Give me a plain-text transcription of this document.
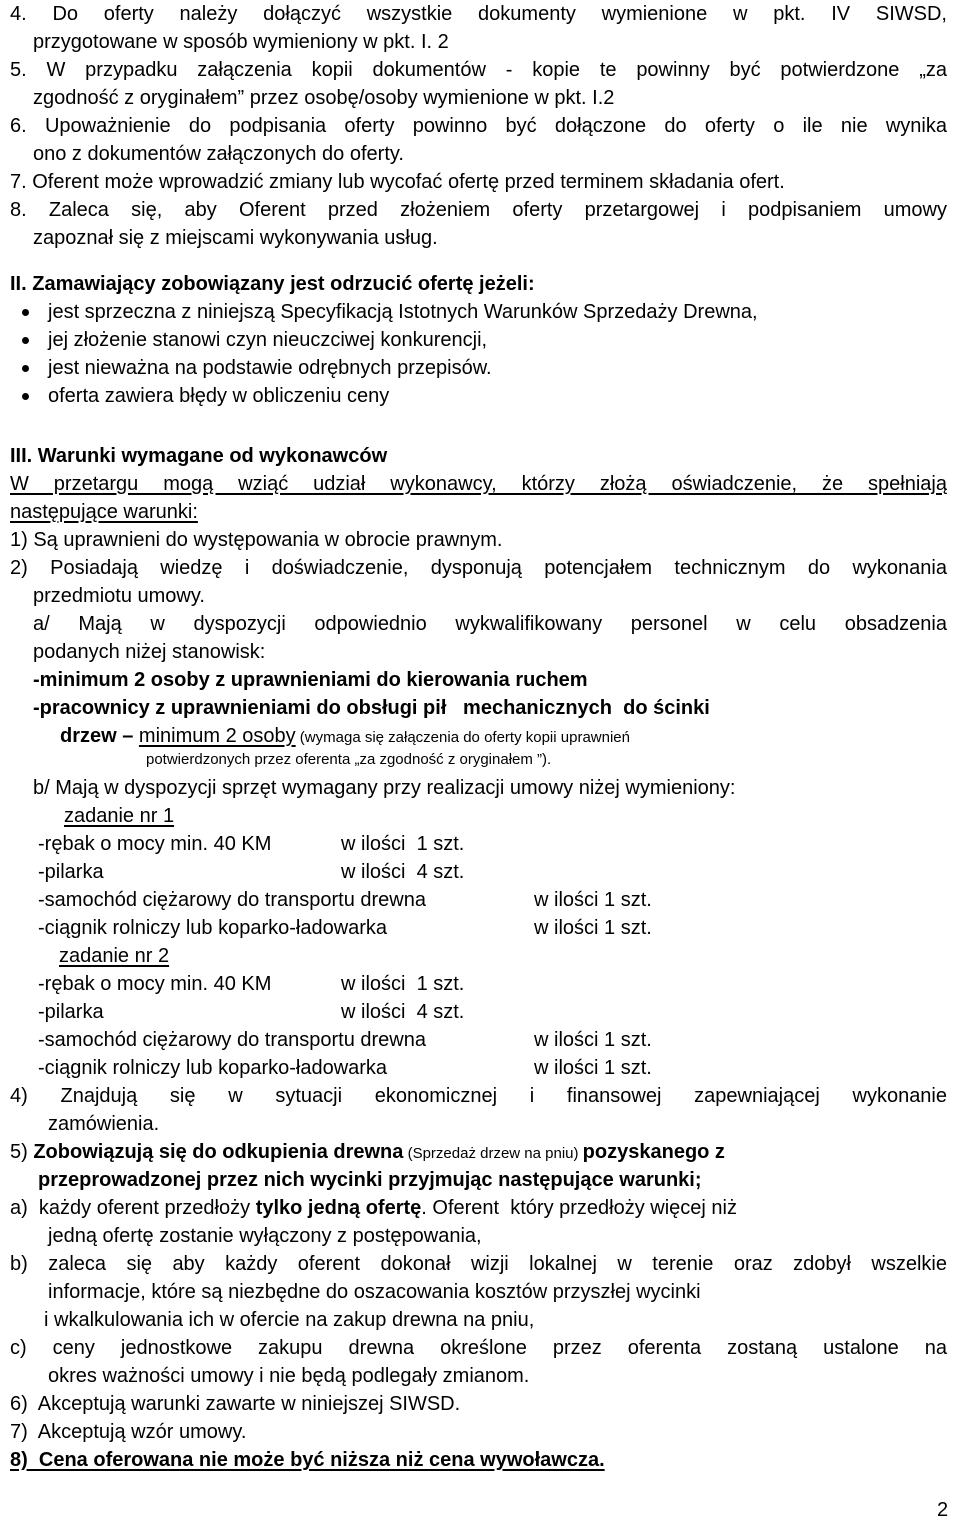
4. Do oferty należy dołączyć wszystkie dokumenty wymienione w pkt. IV SIWSD,
przygotowane w sposób wymieniony w pkt. I. 2
5. W przypadku załączenia kopii dokumentów - kopie te powinny być potwierdzone „za
zgodność z oryginałem” przez osobę/osoby wymienione w pkt. I.2
6. Upoważnienie do podpisania oferty powinno być dołączone do oferty o ile nie wynika
ono z dokumentów załączonych do oferty.
7. Oferent może wprowadzić zmiany lub wycofać ofertę przed terminem składania ofert.
8. Zaleca się, aby Oferent przed złożeniem oferty przetargowej i podpisaniem umowy
zapoznał się z miejscami wykonywania usług.
II. Zamawiający zobowiązany jest odrzucić ofertę jeżeli:
jest sprzeczna z niniejszą Specyfikacją Istotnych Warunków Sprzedaży Drewna,
jej złożenie stanowi czyn nieuczciwej konkurencji,
jest nieważna na podstawie odrębnych przepisów.
oferta zawiera błędy w obliczeniu ceny
III. Warunki wymagane od wykonawców
W przetargu mogą wziąć udział wykonawcy, którzy złożą oświadczenie, że spełniają
następujące warunki:
1) Są uprawnieni do występowania w obrocie prawnym.
2) Posiadają wiedzę i doświadczenie, dysponują potencjałem technicznym do wykonania
przedmiotu umowy.
a/ Mają w dyspozycji odpowiednio wykwalifikowany personel w celu obsadzenia
podanych niżej stanowisk:
-minimum 2 osoby z uprawnieniami do kierowania ruchem
-pracownicy z uprawnieniami do obsługi pił   mechanicznych  do ścinki
drzew – minimum 2 osoby (wymaga się załączenia do oferty kopii uprawnień
potwierdzonych przez oferenta „za zgodność z oryginałem ”).
b/ Mają w dyspozycji sprzęt wymagany przy realizacji umowy niżej wymieniony:
zadanie nr 1
-rębak o mocy min. 40 KM	w ilości  1 szt.
-pilarka	w ilości  4 szt.
-samochód ciężarowy do transportu drewna	w ilości 1 szt.
-ciągnik rolniczy lub koparko-ładowarka	w ilości 1 szt.
zadanie nr 2
-rębak o mocy min. 40 KM	w ilości  1 szt.
-pilarka	w ilości  4 szt.
-samochód ciężarowy do transportu drewna	w ilości 1 szt.
-ciągnik rolniczy lub koparko-ładowarka	w ilości 1 szt.
4) Znajdują się w sytuacji ekonomicznej i finansowej zapewniającej wykonanie
zamówienia.
5) Zobowiązują się do odkupienia drewna (Sprzedaż drzew na pniu) pozyskanego z
przeprowadzonej przez nich wycinki przyjmując następujące warunki;
a)  każdy oferent przedłoży tylko jedną ofertę. Oferent  który przedłoży więcej niż
jedną ofertę zostanie wyłączony z postępowania,
b) zaleca się aby każdy oferent dokonał wizji lokalnej w terenie oraz zdobył wszelkie
informacje, które są niezbędne do oszacowania kosztów przyszłej wycinki
i wkalkulowania ich w ofercie na zakup drewna na pniu,
c) ceny jednostkowe zakupu drewna określone przez oferenta zostaną ustalone na
okres ważności umowy i nie będą podlegały zmianom.
6)  Akceptują warunki zawarte w niniejszej SIWSD.
7)  Akceptują wzór umowy.
8)  Cena oferowana nie może być niższa niż cena wywoławcza.
2
